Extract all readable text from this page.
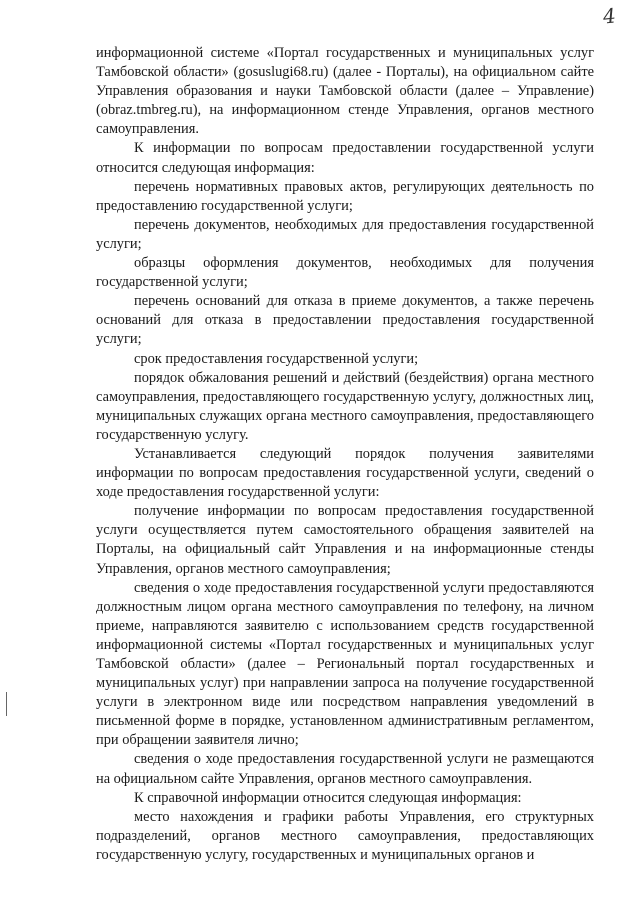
4

информационной системе «Портал государственных и муниципальных услуг Тамбовской области» (gosuslugi68.ru) (далее - Порталы), на официальном сайте Управления образования и науки Тамбовской области (далее – Управление) (obraz.tmbreg.ru), на информационном стенде Управления, органов местного самоуправления.

К информации по вопросам предоставлении государственной услуги относится следующая информация:

перечень нормативных правовых актов, регулирующих деятельность по предоставлению государственной услуги;

перечень документов, необходимых для предоставления государственной услуги;

образцы оформления документов, необходимых для получения государственной услуги;

перечень оснований для отказа в приеме документов, а также перечень оснований для отказа в предоставлении предоставления государственной услуги;

срок предоставления государственной услуги;

порядок обжалования решений и действий (бездействия) органа местного самоуправления, предоставляющего государственную услугу, должностных лиц, муниципальных служащих органа местного самоуправления, предоставляющего государственную услугу.

Устанавливается следующий порядок получения заявителями информации по вопросам предоставления государственной услуги, сведений о ходе предоставления государственной услуги:

получение информации по вопросам предоставления государственной услуги осуществляется путем самостоятельного обращения заявителей на Порталы, на официальный сайт Управления и на информационные стенды Управления, органов местного самоуправления;

сведения о ходе предоставления государственной услуги предоставляются должностным лицом органа местного самоуправления по телефону, на личном приеме, направляются заявителю с использованием средств государственной информационной системы «Портал государственных и муниципальных услуг Тамбовской области» (далее – Региональный портал государственных и муниципальных услуг) при направлении запроса на получение государственной услуги в электронном виде или посредством направления уведомлений в письменной форме в порядке, установленном административным регламентом, при обращении заявителя лично;

сведения о ходе предоставления государственной услуги не размещаются на официальном сайте Управления, органов местного самоуправления.

К справочной информации относится следующая информация:

место нахождения и графики работы Управления, его структурных подразделений, органов местного самоуправления, предоставляющих государственную услугу, государственных и муниципальных органов и
